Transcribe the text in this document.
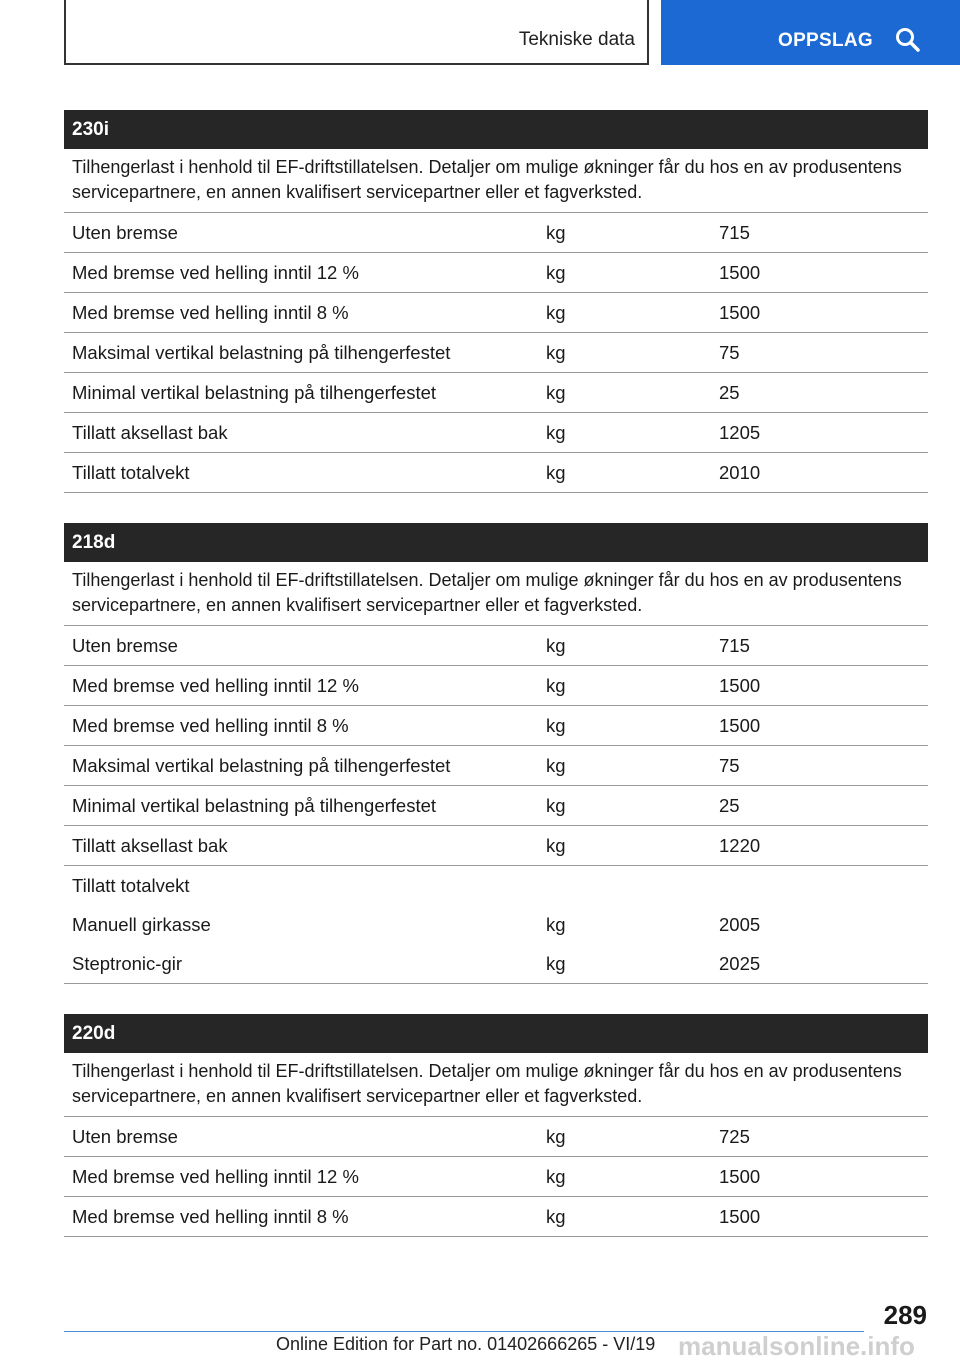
Tekniske data	OPPSLAG
230i
Tilhengerlast i henhold til EF-driftstillatelsen. Detaljer om mulige økninger får du hos en av produsentens servicepartnere, en annen kvalifisert servicepartner eller et fagverksted.
Uten bremse	kg	715
Med bremse ved helling inntil 12 %	kg	1500
Med bremse ved helling inntil 8 %	kg	1500
Maksimal vertikal belastning på tilhengerfestet	kg	75
Minimal vertikal belastning på tilhengerfestet	kg	25
Tillatt aksellast bak	kg	1205
Tillatt totalvekt	kg	2010
218d
Tilhengerlast i henhold til EF-driftstillatelsen. Detaljer om mulige økninger får du hos en av produsentens servicepartnere, en annen kvalifisert servicepartner eller et fagverksted.
Uten bremse	kg	715
Med bremse ved helling inntil 12 %	kg	1500
Med bremse ved helling inntil 8 %	kg	1500
Maksimal vertikal belastning på tilhengerfestet	kg	75
Minimal vertikal belastning på tilhengerfestet	kg	25
Tillatt aksellast bak	kg	1220
Tillatt totalvekt
Manuell girkasse	kg	2005
Steptronic-gir	kg	2025
220d
Tilhengerlast i henhold til EF-driftstillatelsen. Detaljer om mulige økninger får du hos en av produsentens servicepartnere, en annen kvalifisert servicepartner eller et fagverksted.
Uten bremse	kg	725
Med bremse ved helling inntil 12 %	kg	1500
Med bremse ved helling inntil 8 %	kg	1500
289
Online Edition for Part no. 01402666265 - VI/19 manualsonline.info
